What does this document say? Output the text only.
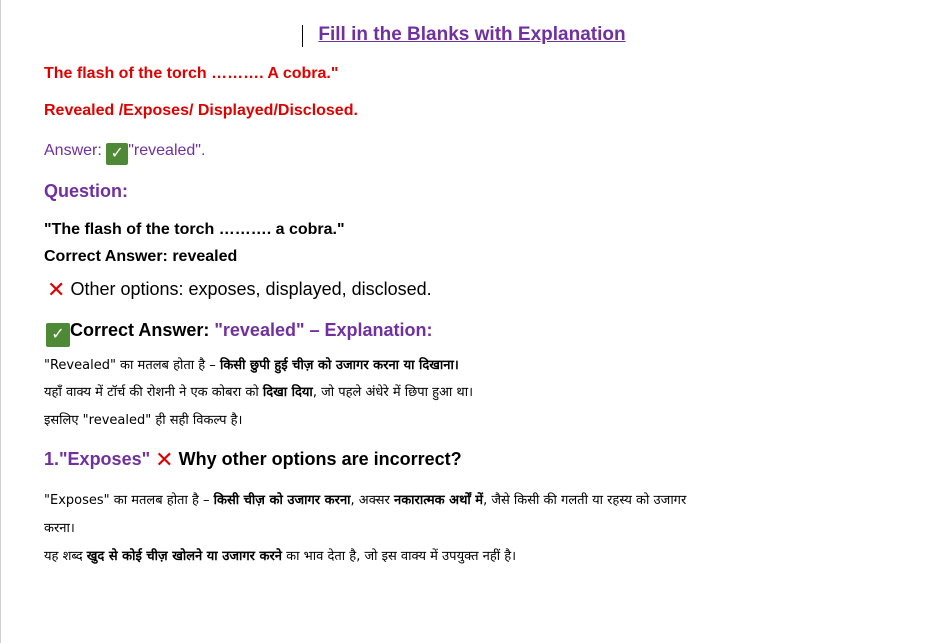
Fill in the Blanks with Explanation
The flash of the torch ………. A cobra."
Revealed /Exposes/ Displayed/Disclosed.
Answer: ✓ "revealed".
Question:
"The flash of the torch ………. a cobra."
Correct Answer: revealed
✕ Other options: exposes, displayed, disclosed.
✓ Correct Answer: "revealed" – Explanation:
"Revealed" का मतलब होता है – किसी छुपी हुई चीज़ को उजागर करना या दिखाना।
यहाँ वाक्य में टॉर्च की रोशनी ने एक कोबरा को दिखा दिया, जो पहले अंधेरे में छिपा हुआ था।
इसलिए "revealed" ही सही विकल्प है।
1."Exposes" ✕ Why other options are incorrect?
"Exposes" का मतलब होता है – किसी चीज़ को उजागर करना, अक्सर नकारात्मक अर्थों में, जैसे किसी की गलती या रहस्य को उजागर
करना।
यह शब्द खुद से कोई चीज़ खोलने या उजागर करने का भाव देता है, जो इस वाक्य में उपयुक्त नहीं है।
